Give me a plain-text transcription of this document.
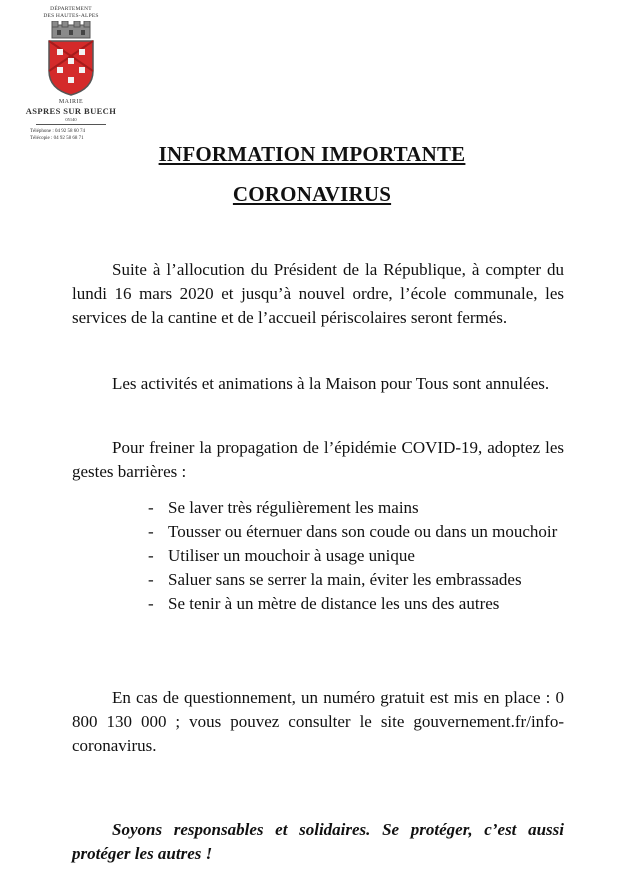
DÉPARTEMENT
DES HAUTES-ALPES
MAIRIE
ASPRES SUR BUECH
05140
Téléphone : 04 92 58 60 74
Télécopie : 04 92 58 68 71
INFORMATION IMPORTANTE
CORONAVIRUS

Suite à l’allocution du Président de la République, à compter du lundi 16 mars 2020 et jusqu’à nouvel ordre, l’école communale, les services de la cantine et de l’accueil périscolaires seront fermés.

Les activités et animations à la Maison pour Tous sont annulées.

Pour freiner la propagation de l’épidémie COVID-19, adoptez les gestes barrières :

- Se laver très régulièrement les mains
- Tousser ou éternuer dans son coude ou dans un mouchoir
- Utiliser un mouchoir à usage unique
- Saluer sans se serrer la main, éviter les embrassades
- Se tenir à un mètre de distance les uns des autres

En cas de questionnement, un numéro gratuit est mis en place : 0 800 130 000 ; vous pouvez consulter le site gouvernement.fr/info-coronavirus.

Soyons responsables et solidaires. Se protéger, c’est aussi protéger les autres !
